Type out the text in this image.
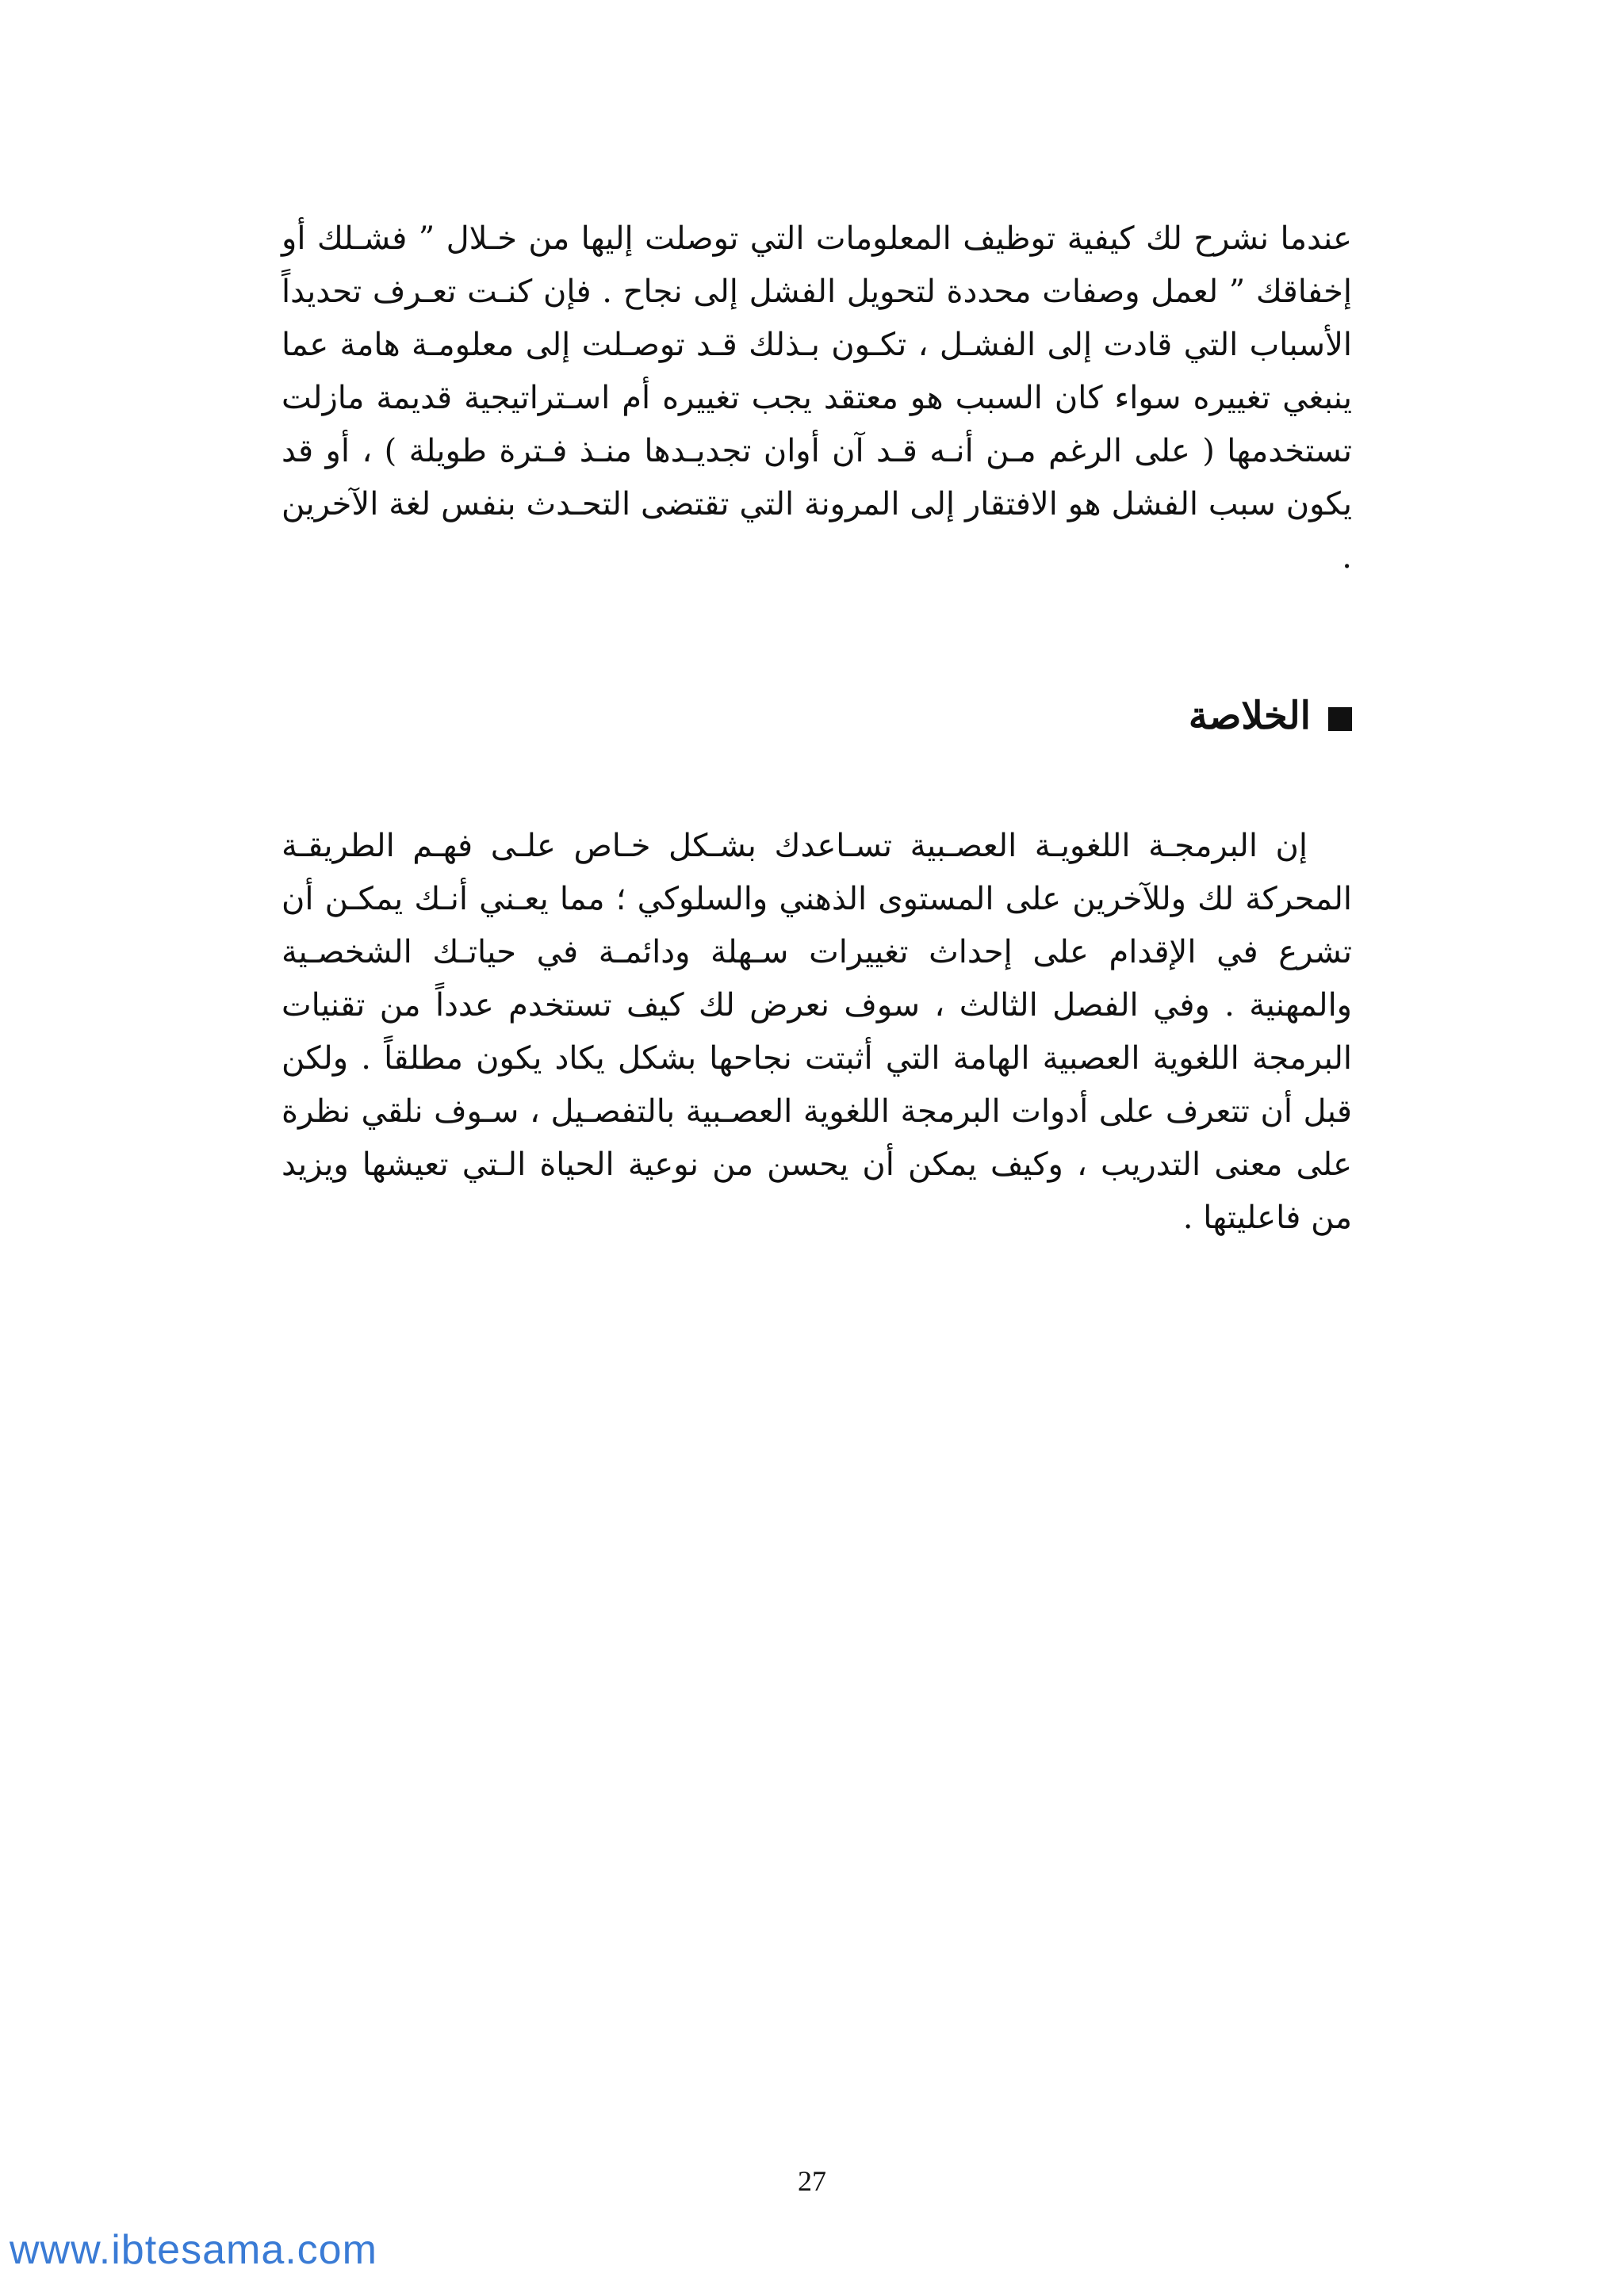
عندما نشرح لك كيفية توظيف المعلومات التي توصلت إليها من خـلال ” فشـلك أو إخفاقك ” لعمل وصفات محددة لتحويل الفشل إلى نجاح . فإن كنـت تعـرف تحديداً الأسباب التي قادت إلى الفشـل ، تكـون بـذلك قـد توصـلت إلى معلومـة هامة عما ينبغي تغييره سواء كان السبب هو معتقد يجب تغييره أم اسـتراتيجية قديمة مازلت تستخدمها ( على الرغم مـن أنـه قـد آن أوان تجديـدها منـذ فـترة طويلة ) ، أو قد يكون سبب الفشل هو الافتقار إلى المرونة التي تقتضى التحـدث بنفس لغة الآخرين .

الخلاصة

إن البرمجـة اللغويـة العصـبية تسـاعدك بشـكل خـاص علـى فهـم الطريقـة المحركة لك وللآخرين على المستوى الذهني والسلوكي ؛ مما يعـني أنـك يمكـن أن تشرع في الإقدام على إحداث تغييرات سـهلة ودائمـة في حياتـك الشخصـية والمهنية . وفي الفصل الثالث ، سوف نعرض لك كيف تستخدم عدداً من تقنيات البرمجة اللغوية العصبية الهامة التي أثبتت نجاحها بشكل يكاد يكون مطلقاً . ولكن قبل أن تتعرف على أدوات البرمجة اللغوية العصـبية بالتفصـيل ، سـوف نلقي نظرة على معنى التدريب ، وكيف يمكن أن يحسن من نوعية الحياة الـتي تعيشها ويزيد من فاعليتها .

27
www.ibtesama.com
